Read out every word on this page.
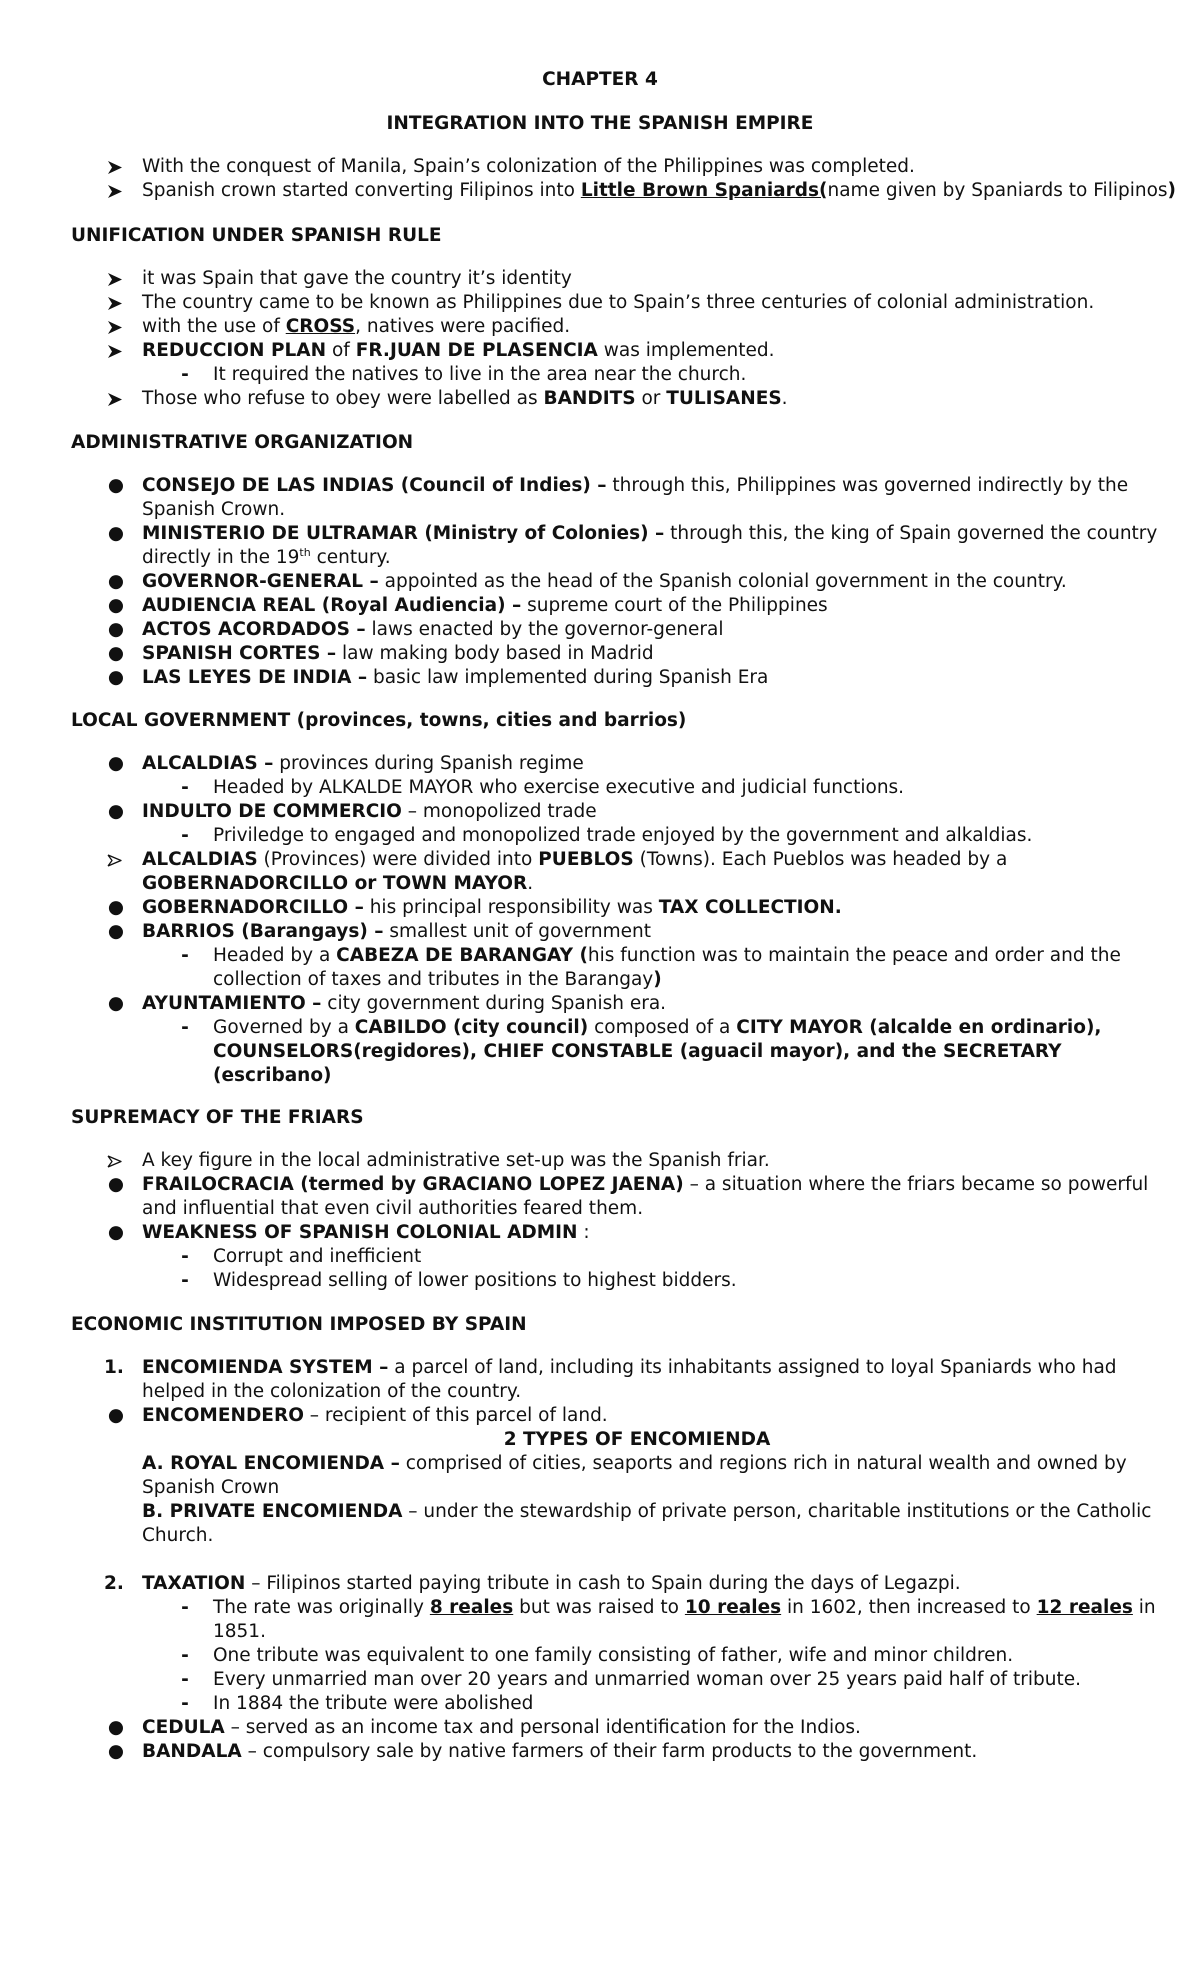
CHAPTER 4
INTEGRATION INTO THE SPANISH EMPIRE
With the conquest of Manila, Spain’s colonization of the Philippines was completed.
Spanish crown started converting Filipinos into Little Brown Spaniards(name given by Spaniards to Filipinos)
UNIFICATION UNDER SPANISH RULE
it was Spain that gave the country it’s identity
The country came to be known as Philippines due to Spain’s three centuries of colonial administration.
with the use of CROSS, natives were pacified.
REDUCCION PLAN of FR.JUAN DE PLASENCIA was implemented.
- It required the natives to live in the area near the church.
Those who refuse to obey were labelled as BANDITS or TULISANES.
ADMINISTRATIVE ORGANIZATION
● CONSEJO DE LAS INDIAS (Council of Indies) – through this, Philippines was governed indirectly by the
Spanish Crown.
● MINISTERIO DE ULTRAMAR (Ministry of Colonies) – through this, the king of Spain governed the country
directly in the 19th century.
● GOVERNOR-GENERAL – appointed as the head of the Spanish colonial government in the country.
● AUDIENCIA REAL (Royal Audiencia) – supreme court of the Philippines
● ACTOS ACORDADOS – laws enacted by the governor-general
● SPANISH CORTES – law making body based in Madrid
● LAS LEYES DE INDIA – basic law implemented during Spanish Era
LOCAL GOVERNMENT (provinces, towns, cities and barrios)
● ALCALDIAS – provinces during Spanish regime
- Headed by ALKALDE MAYOR who exercise executive and judicial functions.
● INDULTO DE COMMERCIO – monopolized trade
- Priviledge to engaged and monopolized trade enjoyed by the government and alkaldias.
ALCALDIAS (Provinces) were divided into PUEBLOS (Towns). Each Pueblos was headed by a
GOBERNADORCILLO or TOWN MAYOR.
● GOBERNADORCILLO – his principal responsibility was TAX COLLECTION.
● BARRIOS (Barangays) – smallest unit of government
- Headed by a CABEZA DE BARANGAY (his function was to maintain the peace and order and the
collection of taxes and tributes in the Barangay)
● AYUNTAMIENTO – city government during Spanish era.
- Governed by a CABILDO (city council) composed of a CITY MAYOR (alcalde en ordinario),
COUNSELORS(regidores), CHIEF CONSTABLE (aguacil mayor), and the SECRETARY
(escribano)
SUPREMACY OF THE FRIARS
A key figure in the local administrative set-up was the Spanish friar.
● FRAILOCRACIA (termed by GRACIANO LOPEZ JAENA) – a situation where the friars became so powerful
and influential that even civil authorities feared them.
● WEAKNESS OF SPANISH COLONIAL ADMIN :
- Corrupt and inefficient
- Widespread selling of lower positions to highest bidders.
ECONOMIC INSTITUTION IMPOSED BY SPAIN
1. ENCOMIENDA SYSTEM – a parcel of land, including its inhabitants assigned to loyal Spaniards who had
helped in the colonization of the country.
● ENCOMENDERO – recipient of this parcel of land.
2 TYPES OF ENCOMIENDA
A. ROYAL ENCOMIENDA – comprised of cities, seaports and regions rich in natural wealth and owned by
Spanish Crown
B. PRIVATE ENCOMIENDA – under the stewardship of private person, charitable institutions or the Catholic
Church.
2. TAXATION – Filipinos started paying tribute in cash to Spain during the days of Legazpi.
- The rate was originally 8 reales but was raised to 10 reales in 1602, then increased to 12 reales in
1851.
- One tribute was equivalent to one family consisting of father, wife and minor children.
- Every unmarried man over 20 years and unmarried woman over 25 years paid half of tribute.
- In 1884 the tribute were abolished
● CEDULA – served as an income tax and personal identification for the Indios.
● BANDALA – compulsory sale by native farmers of their farm products to the government.
